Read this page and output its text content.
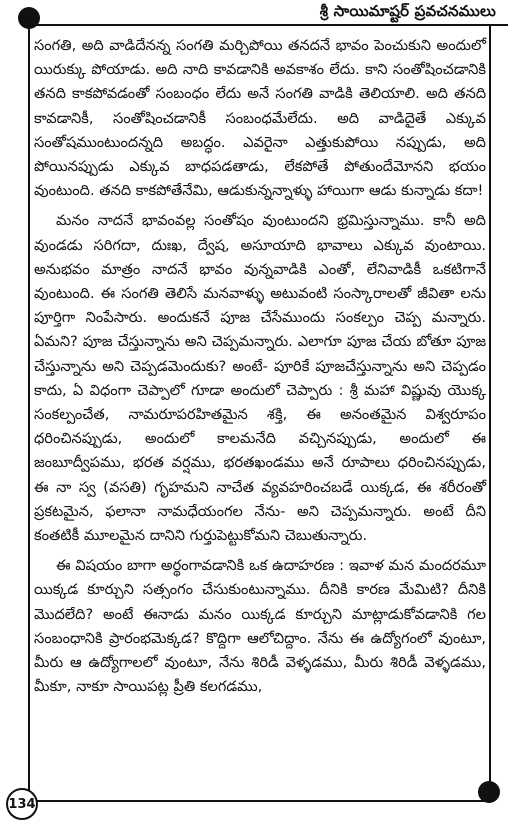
శ్రీ సాయిమాష్టర్ ప్రవచనములు

సంగతి, అది వాడిదేనన్న సంగతి మర్చిపోయి తనదనే భావం పెంచుకుని అందులో యిరుక్కు పోయాడు. అది నాది కావడానికి అవకాశం లేదు. కాని సంతోషించడానికి తనది కాకపోవడంతో సంబంధం లేదు అనే సంగతి వాడికి తెలియాలి. అది తనది కావడానికీ, సంతోషించడానికీ సంబంధమేలేదు. అది వాడిదైతే ఎక్కువ సంతోషముంటుందన్నది అబద్ధం. ఎవరైనా ఎత్తుకుపోయి నప్పుడు, అది పోయినప్పుడు ఎక్కువ బాధపడతాడు, లేకపోతే పోతుందేమోనని భయం వుంటుంది. తనది కాకపోతేనేమి, ఆడుకున్నన్నాళ్ళు హాయిగా ఆడు కున్నాడు కదా!

మనం నాదనే భావంవల్ల సంతోషం వుంటుందని భ్రమిస్తున్నాము. కానీ అది వుండడు సరిగదా, దుఃఖ, ద్వేష, అసూయాది భావాలు ఎక్కువ వుంటాయి. అనుభవం మాత్రం నాదనే భావం వున్నవాడికి ఎంతో, లేనివాడికీ ఒకటిగానే వుంటుంది. ఈ సంగతి తెలిసే మనవాళ్ళు అటువంటి సంస్కారాలతో జీవితా లను పూర్తిగా నింపేసారు. అందుకనే పూజ చేసేముందు సంకల్పం చెప్ప మన్నారు. ఏమని? పూజ చేస్తున్నాను అని చెప్పమన్నారు. ఎలాగూ పూజ చేయ బోతూ పూజ చేస్తున్నాను అని చెప్పడమెందుకు? అంటే- పూరికే పూజచేస్తున్నాను అని చెప్పడం కాదు, ఏ విధంగా చెప్పాలో గూడా అందులో చెప్పారు : శ్రీ మహా విష్ణువు యొక్క సంకల్పంచేత, నామరూపరహితమైన శక్తి, ఈ అనంతమైన విశ్వరూపం ధరించినప్పుడు, అందులో కాలమనేది వచ్చినప్పుడు, అందులో ఈ జంబూద్వీపము, భరత వర్షము, భరతఖండము అనే రూపాలు ధరించినప్పుడు, ఈ నా స్వ (వసతి) గృహమని నాచేత వ్యవహరించబడే యిక్కడ, ఈ శరీరంతో ప్రకటమైన, ఫలానా నామధేయంగల నేను- అని చెప్పమన్నారు. అంటే దీని కంతటికీ మూలమైన దానిని గుర్తుపెట్టుకోమని చెబుతున్నారు.

ఈ విషయం బాగా అర్థంగావడానికి ఒక ఉదాహరణ : ఇవాళ మన మందరమూ యిక్కడ కూర్చుని సత్సంగం చేసుకుంటున్నాము. దీనికి కారణ మేమిటి? దీనికి మొదలేది? అంటే ఈనాడు మనం యిక్కడ కూర్చుని మాట్లాడుకోవడానికి గల సంబంధానికి ప్రారంభమెక్కడ? కొద్దిగా ఆలోచిద్దాం. నేను ఈ ఉద్యోగంలో వుంటూ, మీరు ఆ ఉద్యోగాలలో వుంటూ, నేను శిరిడీ వెళ్ళడము, మీరు శిరిడీ వెళ్ళడము, మీకూ, నాకూ సాయిపట్ల ప్రీతి కలగడము,

134
